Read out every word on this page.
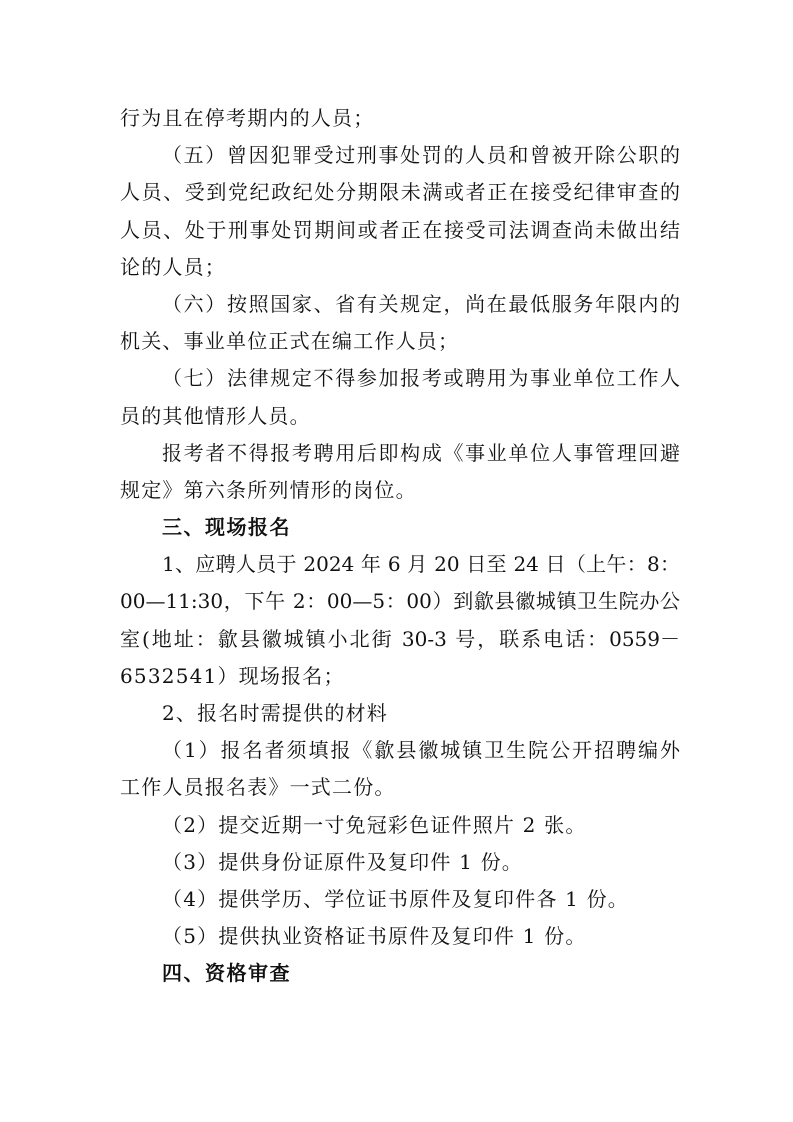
行为且在停考期内的人员；
（五）曾因犯罪受过刑事处罚的人员和曾被开除公职的
人员、受到党纪政纪处分期限未满或者正在接受纪律审查的
人员、处于刑事处罚期间或者正在接受司法调查尚未做出结
论的人员；
（六）按照国家、省有关规定，尚在最低服务年限内的
机关、事业单位正式在编工作人员；
（七）法律规定不得参加报考或聘用为事业单位工作人
员的其他情形人员。
报考者不得报考聘用后即构成《事业单位人事管理回避
规定》第六条所列情形的岗位。
三、现场报名
1、应聘人员于 2024 年 6 月 20 日至 24 日（上午：8：
00—11:30，下午 2：00—5：00）到歙县徽城镇卫生院办公
室(地址：歙县徽城镇小北街 30-3 号，联系电话：0559－
6532541）现场报名；
2、报名时需提供的材料
（1）报名者须填报《歙县徽城镇卫生院公开招聘编外
工作人员报名表》一式二份。
（2）提交近期一寸免冠彩色证件照片 2 张。
（3）提供身份证原件及复印件 1 份。
（4）提供学历、学位证书原件及复印件各 1 份。
（5）提供执业资格证书原件及复印件 1 份。
四、资格审查
